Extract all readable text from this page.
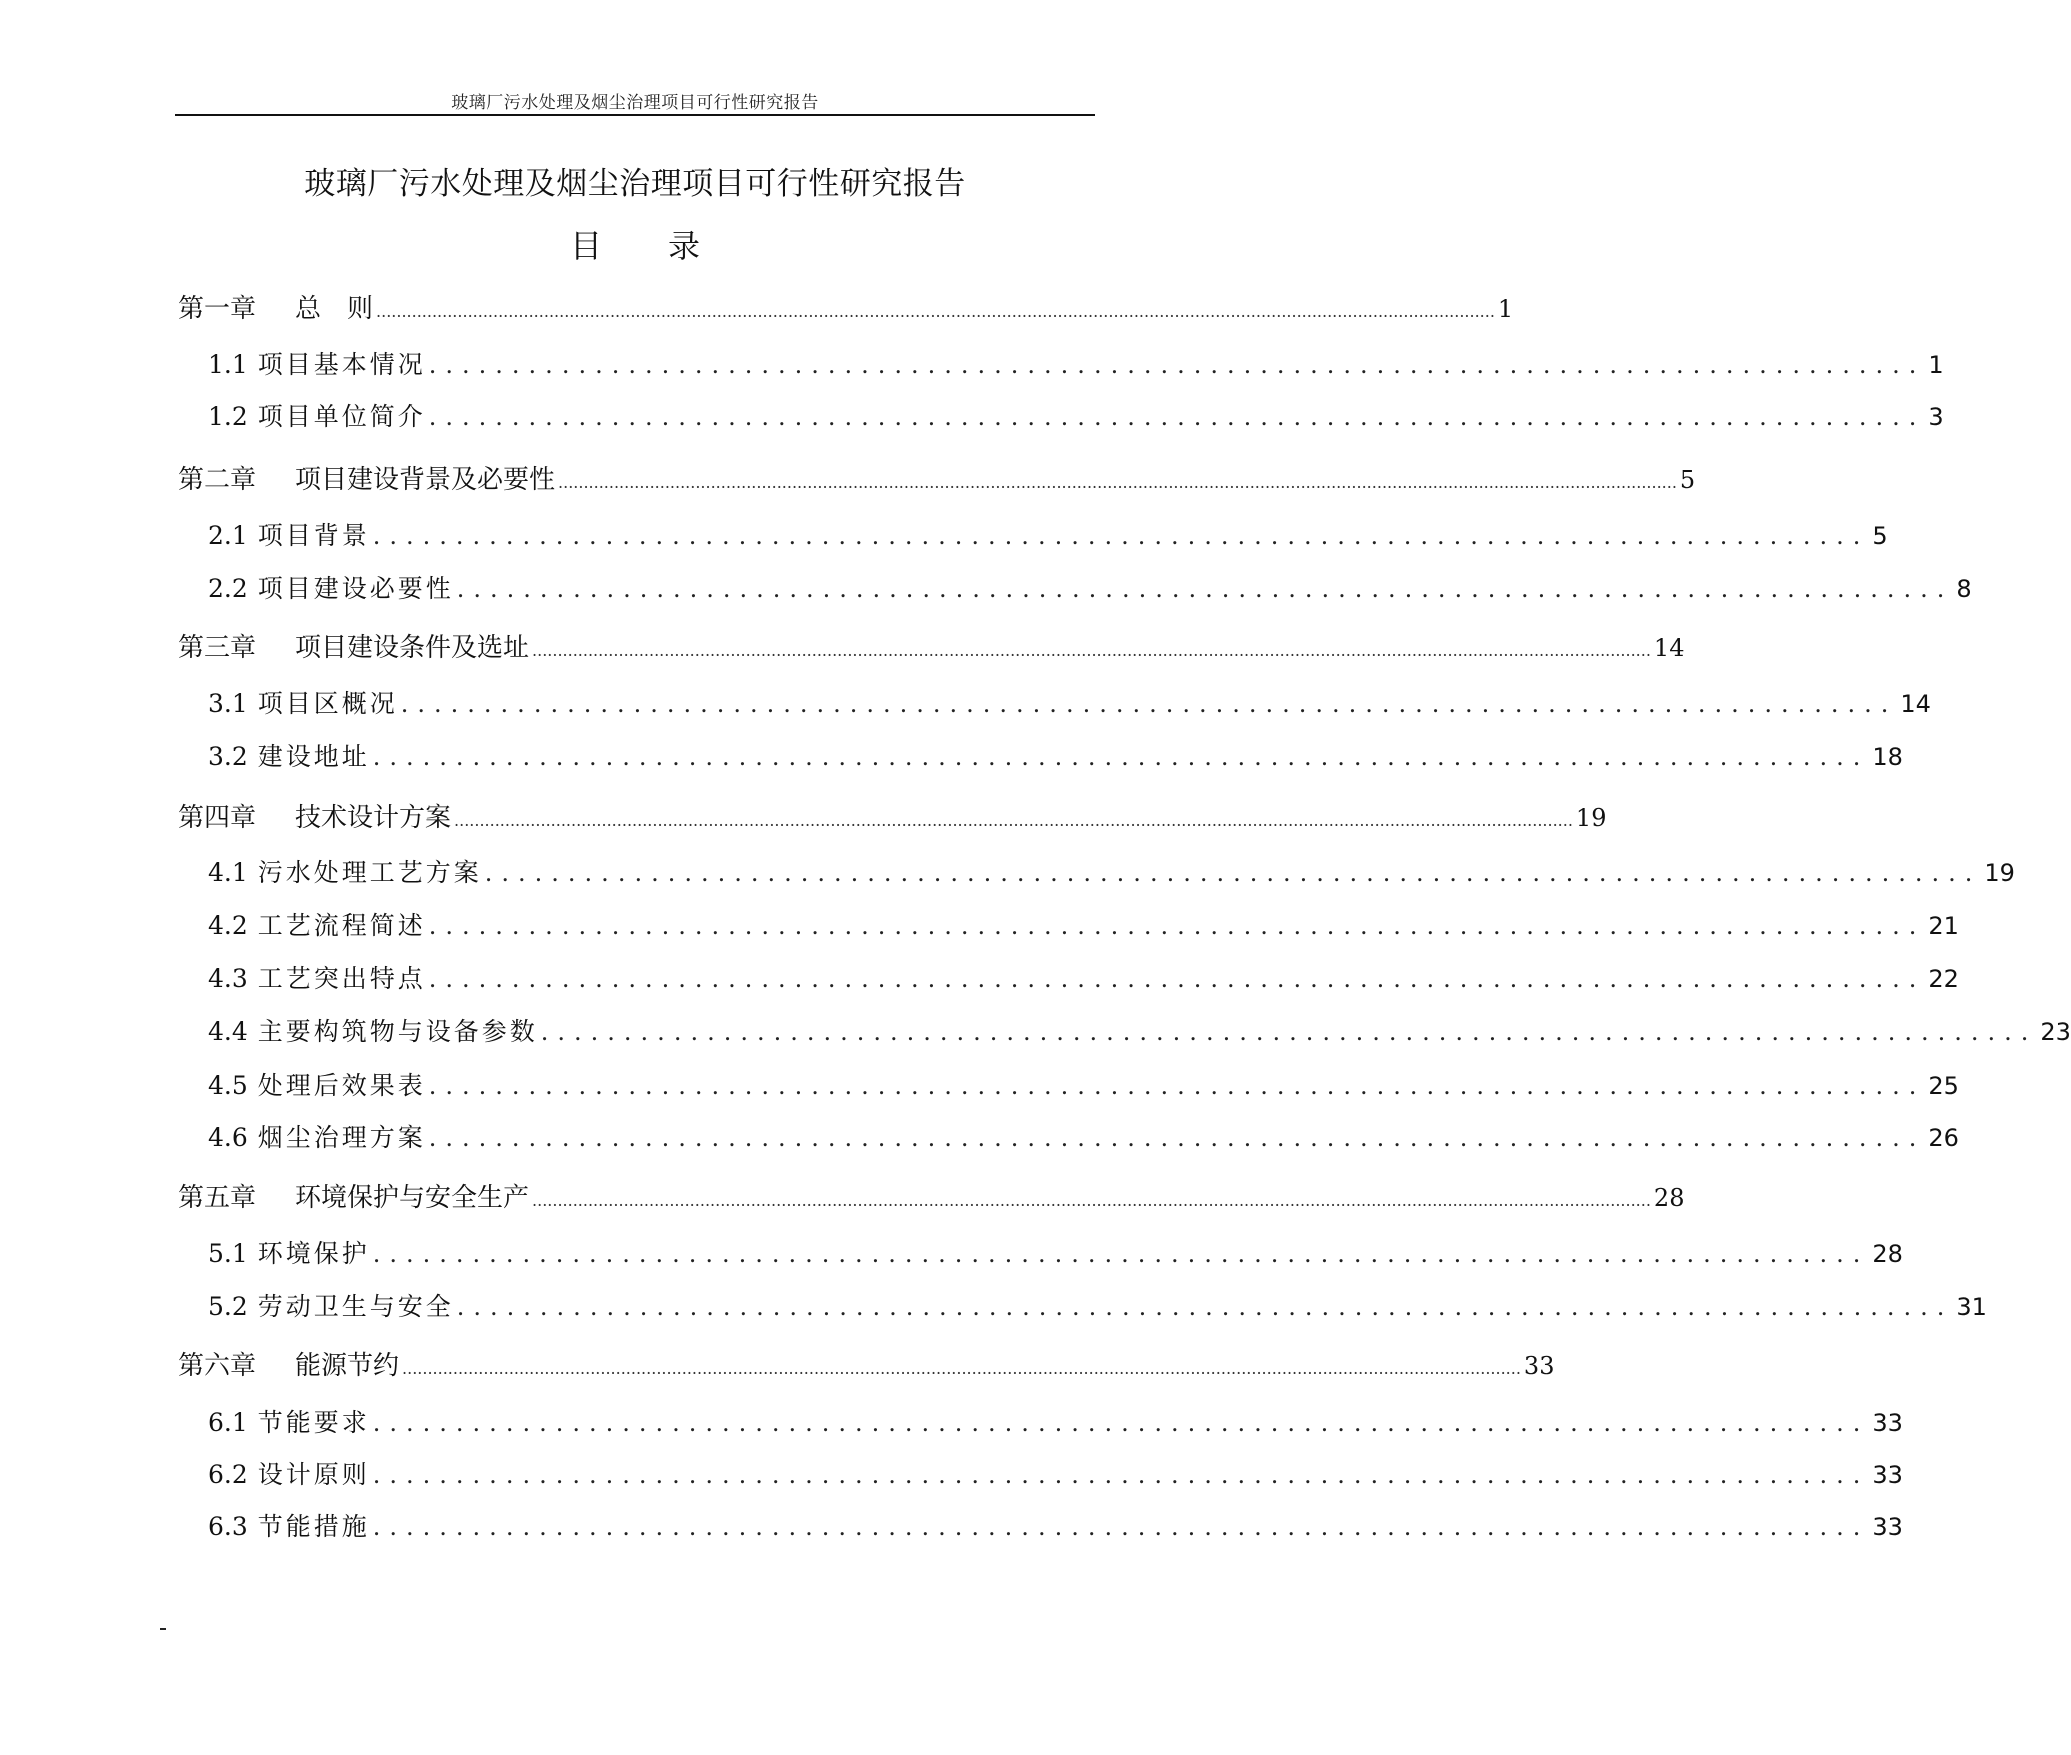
玻璃厂污水处理及烟尘治理项目可行性研究报告
玻璃厂污水处理及烟尘治理项目可行性研究报告
目 录
第一章	总　则 ............................................................................................................................................................................................................................ 1
1.1 项目基本情况 .......................................................................................... 1
1.2 项目单位简介 .......................................................................................... 3
第二章	项目建设背景及必要性 ............................................................................................................................................................................................................................ 5
2.1 项目背景 .......................................................................................... 5
2.2 项目建设必要性 .......................................................................................... 8
第三章	项目建设条件及选址 ............................................................................................................................................................................................................................ 14
3.1 项目区概况 .......................................................................................... 14
3.2 建设地址 .......................................................................................... 18
第四章	技术设计方案 ............................................................................................................................................................................................................................ 19
4.1 污水处理工艺方案 .......................................................................................... 19
4.2 工艺流程简述 .......................................................................................... 21
4.3 工艺突出特点 .......................................................................................... 22
4.4 主要构筑物与设备参数 .......................................................................................... 23
4.5 处理后效果表 .......................................................................................... 25
4.6 烟尘治理方案 .......................................................................................... 26
第五章	环境保护与安全生产 ............................................................................................................................................................................................................................ 28
5.1 环境保护 .......................................................................................... 28
5.2 劳动卫生与安全 .......................................................................................... 31
第六章	能源节约 ............................................................................................................................................................................................................................ 33
6.1 节能要求 .......................................................................................... 33
6.2 设计原则 .......................................................................................... 33
6.3 节能措施 .......................................................................................... 33
